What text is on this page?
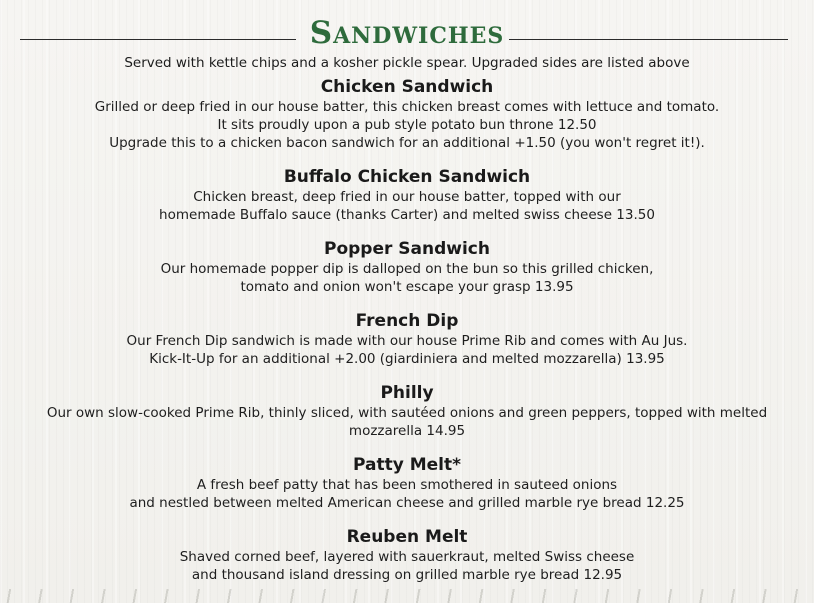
Sandwiches
Served with kettle chips and a kosher pickle spear. Upgraded sides are listed above
Chicken Sandwich

Grilled or deep fried in our house batter, this chicken breast comes with lettuce and tomato.

It sits proudly upon a pub style potato bun throne 12.50

Upgrade this to a chicken bacon sandwich for an additional +1.50 (you won't regret it!).

Buffalo Chicken Sandwich

Chicken breast, deep fried in our house batter, topped with our

homemade Buffalo sauce (thanks Carter) and melted swiss cheese 13.50

Popper Sandwich

Our homemade popper dip is dalloped on the bun so this grilled chicken,

tomato and onion won't escape your grasp 13.95

French Dip

Our French Dip sandwich is made with our house Prime Rib and comes with Au Jus.

Kick-It-Up for an additional +2.00 (giardiniera and melted mozzarella) 13.95

Philly

Our own slow-cooked Prime Rib, thinly sliced, with sautéed onions and green peppers, topped with melted

mozzarella 14.95

Patty Melt*

A fresh beef patty that has been smothered in sauteed onions

and nestled between melted American cheese and grilled marble rye bread 12.25

Reuben Melt

Shaved corned beef, layered with sauerkraut, melted Swiss cheese

and thousand island dressing on grilled marble rye bread 12.95
